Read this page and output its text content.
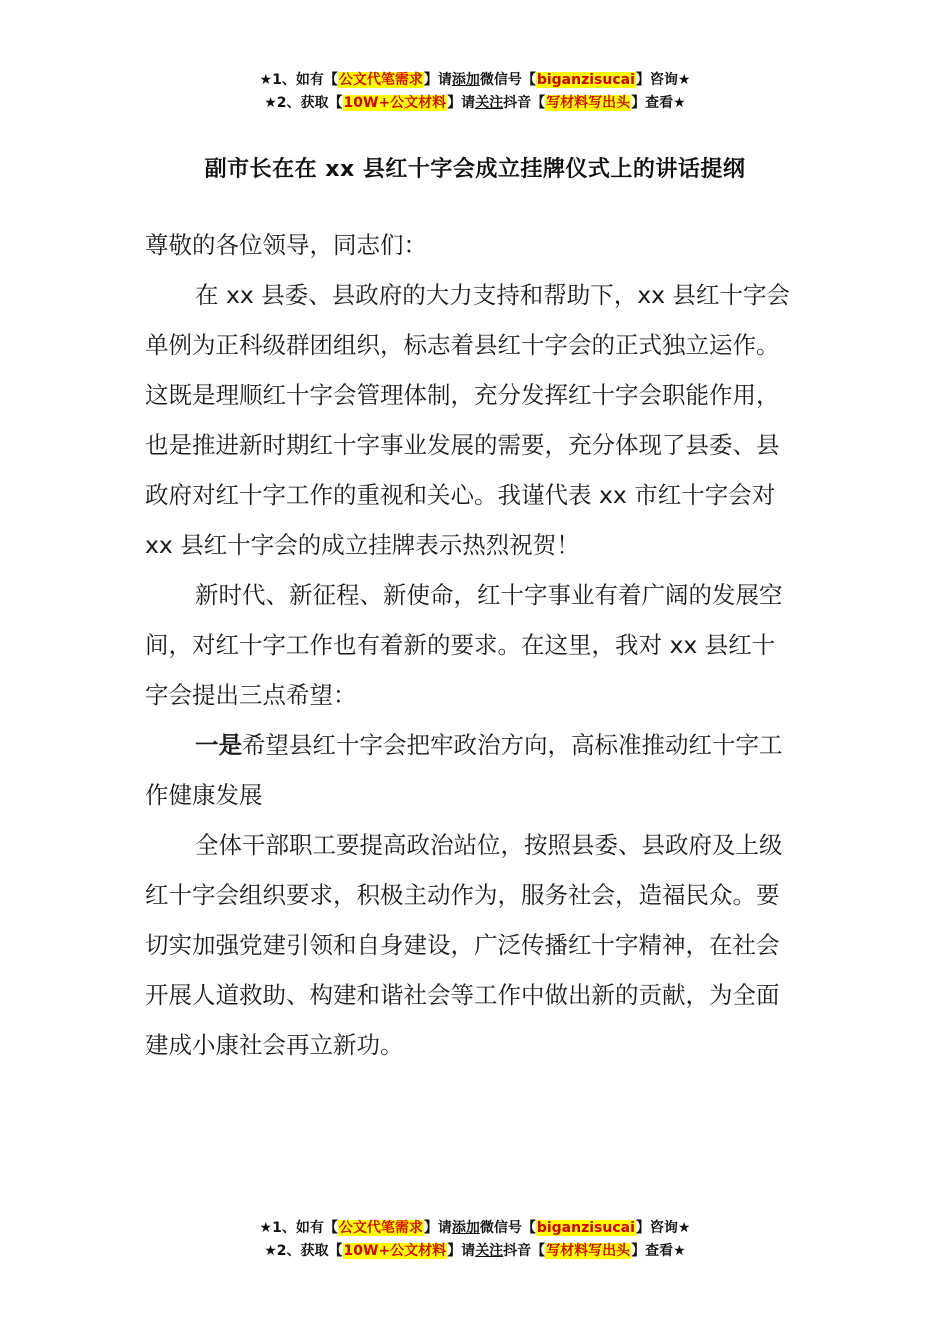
★1、如有【公文代笔需求】请添加微信号【biganzisucai】咨询★
★2、获取【10W+公文材料】请关注抖音【写材料写出头】查看★
副市长在在 xx 县红十字会成立挂牌仪式上的讲话提纲

尊敬的各位领导，同志们：

在 xx 县委、县政府的大力支持和帮助下，xx 县红十字会单例为正科级群团组织，标志着县红十字会的正式独立运作。这既是理顺红十字会管理体制，充分发挥红十字会职能作用，也是推进新时期红十字事业发展的需要，充分体现了县委、县政府对红十字工作的重视和关心。我谨代表 xx 市红十字会对 xx 县红十字会的成立挂牌表示热烈祝贺！

新时代、新征程、新使命，红十字事业有着广阔的发展空间，对红十字工作也有着新的要求。在这里，我对 xx 县红十字会提出三点希望：

一是希望县红十字会把牢政治方向，高标准推动红十字工作健康发展

全体干部职工要提高政治站位，按照县委、县政府及上级红十字会组织要求，积极主动作为，服务社会，造福民众。要切实加强党建引领和自身建设，广泛传播红十字精神，在社会开展人道救助、构建和谐社会等工作中做出新的贡献，为全面建成小康社会再立新功。

★1、如有【公文代笔需求】请添加微信号【biganzisucai】咨询★
★2、获取【10W+公文材料】请关注抖音【写材料写出头】查看★
